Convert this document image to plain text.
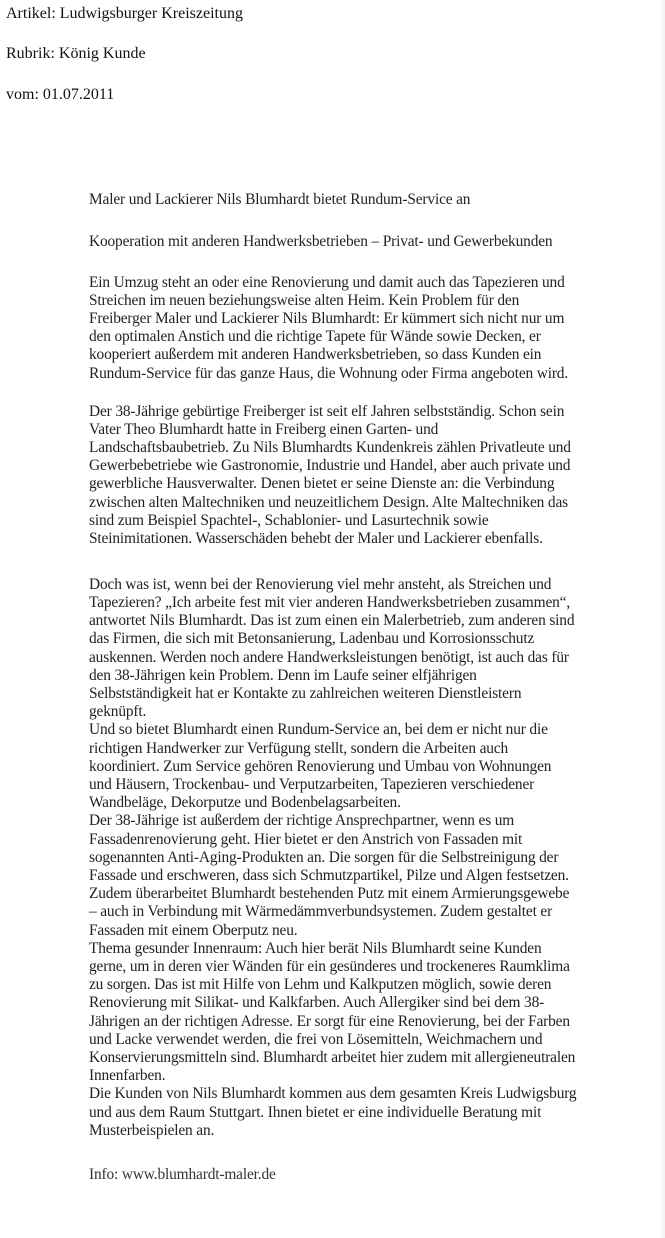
Artikel: Ludwigsburger Kreiszeitung
Rubrik: König Kunde
vom: 01.07.2011
Maler und Lackierer Nils Blumhardt bietet Rundum-Service an
Kooperation mit anderen Handwerksbetrieben – Privat- und Gewerbekunden
Ein Umzug steht an oder eine Renovierung und damit auch das Tapezieren und
Streichen im neuen beziehungsweise alten Heim. Kein Problem für den
Freiberger Maler und Lackierer Nils Blumhardt: Er kümmert sich nicht nur um
den optimalen Anstich und die richtige Tapete für Wände sowie Decken, er
kooperiert außerdem mit anderen Handwerksbetrieben, so dass Kunden ein
Rundum-Service für das ganze Haus, die Wohnung oder Firma angeboten wird.
Der 38-Jährige gebürtige Freiberger ist seit elf Jahren selbstständig. Schon sein
Vater Theo Blumhardt hatte in Freiberg einen Garten- und
Landschaftsbaubetrieb. Zu Nils Blumhardts Kundenkreis zählen Privatleute und
Gewerbebetriebe wie Gastronomie, Industrie und Handel, aber auch private und
gewerbliche Hausverwalter. Denen bietet er seine Dienste an: die Verbindung
zwischen alten Maltechniken und neuzeitlichem Design. Alte Maltechniken das
sind zum Beispiel Spachtel-, Schablonier- und Lasurtechnik sowie
Steinimitationen. Wasserschäden behebt der Maler und Lackierer ebenfalls.
Doch was ist, wenn bei der Renovierung viel mehr ansteht, als Streichen und
Tapezieren? „Ich arbeite fest mit vier anderen Handwerksbetrieben zusammen“,
antwortet Nils Blumhardt. Das ist zum einen ein Malerbetrieb, zum anderen sind
das Firmen, die sich mit Betonsanierung, Ladenbau und Korrosionsschutz
auskennen. Werden noch andere Handwerksleistungen benötigt, ist auch das für
den 38-Jährigen kein Problem. Denn im Laufe seiner elfjährigen
Selbstständigkeit hat er Kontakte zu zahlreichen weiteren Dienstleistern
geknüpft.
Und so bietet Blumhardt einen Rundum-Service an, bei dem er nicht nur die
richtigen Handwerker zur Verfügung stellt, sondern die Arbeiten auch
koordiniert. Zum Service gehören Renovierung und Umbau von Wohnungen
und Häusern, Trockenbau- und Verputzarbeiten, Tapezieren verschiedener
Wandbeläge, Dekorputze und Bodenbelagsarbeiten.
Der 38-Jährige ist außerdem der richtige Ansprechpartner, wenn es um
Fassadenrenovierung geht. Hier bietet er den Anstrich von Fassaden mit
sogenannten Anti-Aging-Produkten an. Die sorgen für die Selbstreinigung der
Fassade und erschweren, dass sich Schmutzpartikel, Pilze und Algen festsetzen.
Zudem überarbeitet Blumhardt bestehenden Putz mit einem Armierungsgewebe
– auch in Verbindung mit Wärmedämmverbundsystemen. Zudem gestaltet er
Fassaden mit einem Oberputz neu.
Thema gesunder Innenraum: Auch hier berät Nils Blumhardt seine Kunden
gerne, um in deren vier Wänden für ein gesünderes und trockeneres Raumklima
zu sorgen. Das ist mit Hilfe von Lehm und Kalkputzen möglich, sowie deren
Renovierung mit Silikat- und Kalkfarben. Auch Allergiker sind bei dem 38-
Jährigen an der richtigen Adresse. Er sorgt für eine Renovierung, bei der Farben
und Lacke verwendet werden, die frei von Lösemitteln, Weichmachern und
Konservierungsmitteln sind. Blumhardt arbeitet hier zudem mit allergieneutralen
Innenfarben.
Die Kunden von Nils Blumhardt kommen aus dem gesamten Kreis Ludwigsburg
und aus dem Raum Stuttgart. Ihnen bietet er eine individuelle Beratung mit
Musterbeispielen an.
Info: www.blumhardt-maler.de
